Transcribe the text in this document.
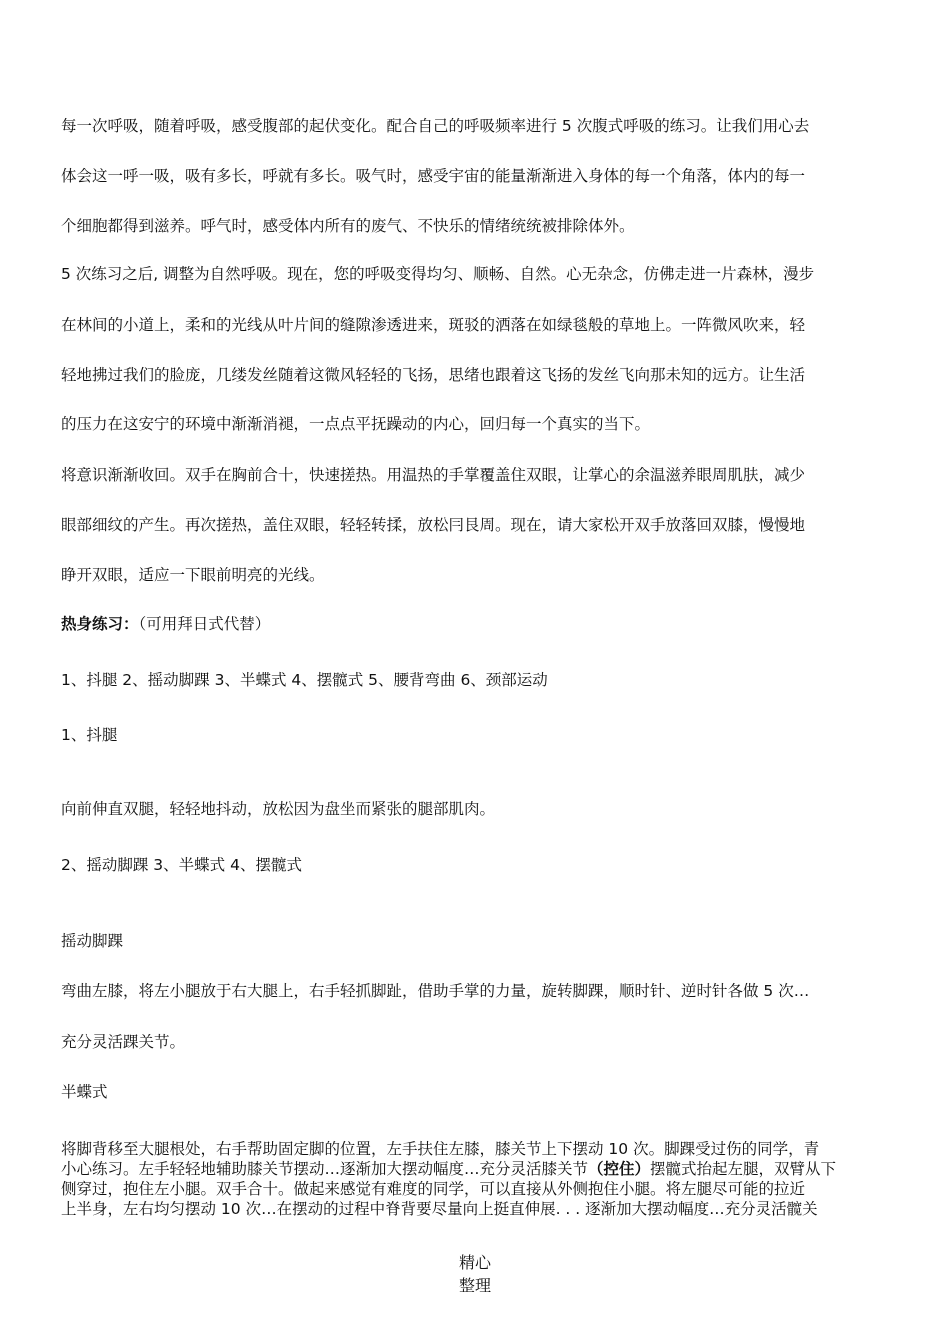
每一次呼吸，随着呼吸，感受腹部的起伏变化。配合自己的呼吸频率进行 5 次腹式呼吸的练习。让我们用心去

体会这一呼一吸，吸有多长，呼就有多长。吸气时，感受宇宙的能量渐渐进入身体的每一个角落，体内的每一

个细胞都得到滋养。呼气时，感受体内所有的废气、不快乐的情绪统统被排除体外。

5 次练习之后, 调整为自然呼吸。现在，您的呼吸变得均匀、顺畅、自然。心无杂念，仿佛走进一片森林，漫步

在林间的小道上，柔和的光线从叶片间的缝隙渗透进来，斑驳的洒落在如绿毯般的草地上。一阵微风吹来，轻

轻地拂过我们的脸庞，几缕发丝随着这微风轻轻的飞扬，思绪也跟着这飞扬的发丝飞向那未知的远方。让生活

的压力在这安宁的环境中渐渐消褪，一点点平抚躁动的内心，回归每一个真实的当下。

将意识渐渐收回。双手在胸前合十，快速搓热。用温热的手掌覆盖住双眼，让掌心的余温滋养眼周肌肤，减少

眼部细纹的产生。再次搓热，盖住双眼，轻轻转揉，放松冃艮周。现在，请大家松开双手放落回双膝，慢慢地

睁开双眼，适应一下眼前明亮的光线。

热身练习：（可用拜日式代替）

1、抖腿 2、摇动脚踝 3、半蝶式 4、摆髋式 5、腰背弯曲 6、颈部运动

1、抖腿

向前伸直双腿，轻轻地抖动，放松因为盘坐而紧张的腿部肌肉。

2、摇动脚踝 3、半蝶式 4、摆髋式

摇动脚踝

弯曲左膝，将左小腿放于右大腿上，右手轻抓脚趾，借助手掌的力量，旋转脚踝，顺时针、逆时针各做 5 次…

充分灵活踝关节。

半蝶式

将脚背移至大腿根处，右手帮助固定脚的位置，左手扶住左膝，膝关节上下摆动 10 次。脚踝受过伤的同学，青
小心练习。左手轻轻地辅助膝关节摆动…逐渐加大摆动幅度…充分灵活膝关节（控住）摆髋式抬起左腿，双臂从下
侧穿过，抱住左小腿。双手合十。做起来感觉有难度的同学，可以直接从外侧抱住小腿。将左腿尽可能的拉近
上半身，左右均匀摆动 10 次…在摆动的过程中脊背要尽量向上挺直伸展. . . 逐渐加大摆动幅度…充分灵活髋关
精心
整理
